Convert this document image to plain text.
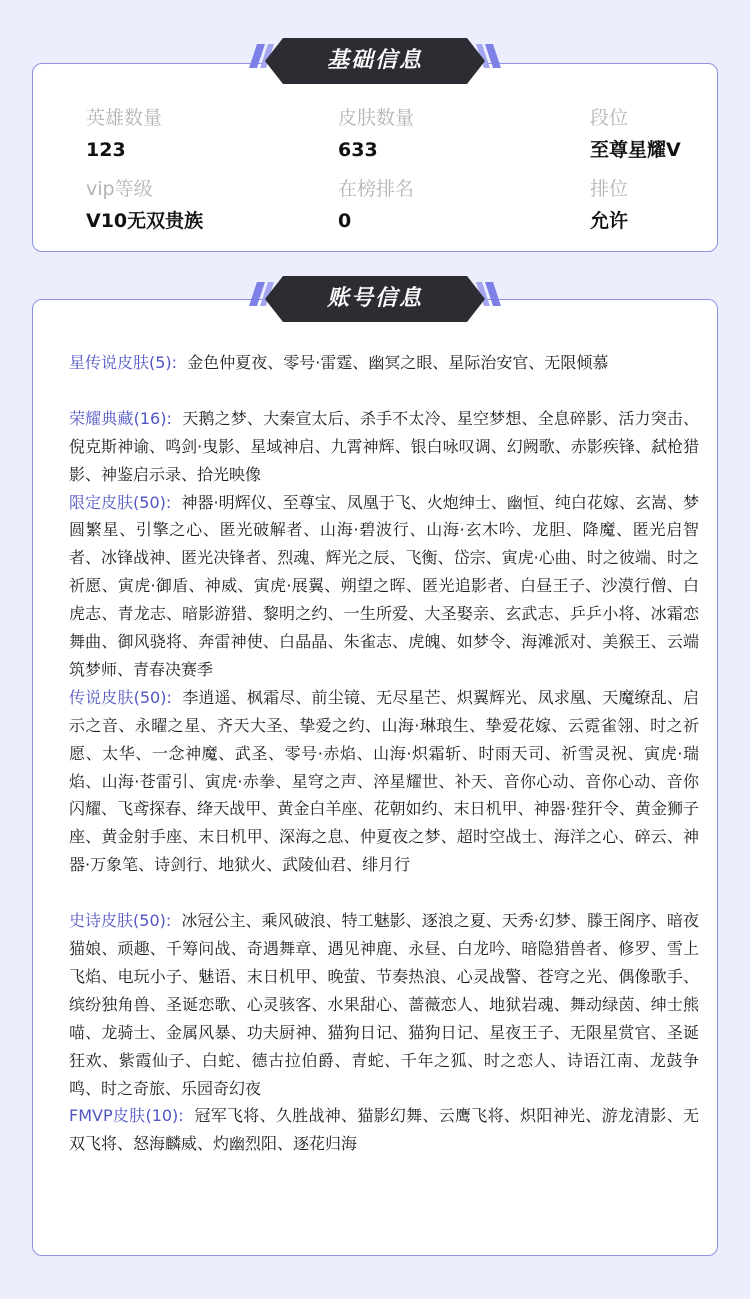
英雄数量
123
皮肤数量
633
段位
至尊星耀V
vip等级
V10无双贵族
在榜排名
0
排位
允许

星传说皮肤(5): 金色仲夏夜、零号·雷霆、幽冥之眼、星际治安官、无限倾慕

荣耀典藏(16): 天鹅之梦、大秦宣太后、杀手不太冷、星空梦想、全息碎影、活力突击、倪克斯神谕、鸣剑·曳影、星域神启、九霄神辉、银白咏叹调、幻阙歌、赤影疾锋、弑枪猎影、神鉴启示录、拾光映像

限定皮肤(50): 神器·明辉仪、至尊宝、凤凰于飞、火炮绅士、幽恒、纯白花嫁、玄嵩、梦圆繁星、引擎之心、匿光破解者、山海·碧波行、山海·玄木吟、龙胆、降魔、匿光启智者、冰锋战神、匿光决锋者、烈魂、辉光之辰、飞衡、岱宗、寅虎·心曲、时之彼端、时之祈愿、寅虎·御盾、神威、寅虎·展翼、朔望之晖、匿光追影者、白昼王子、沙漠行僧、白虎志、青龙志、暗影游猎、黎明之约、一生所爱、大圣娶亲、玄武志、乒乒小将、冰霜恋舞曲、御风骁将、奔雷神使、白晶晶、朱雀志、虎魄、如梦令、海滩派对、美猴王、云端筑梦师、青春决赛季

传说皮肤(50): 李逍遥、枫霜尽、前尘镜、无尽星芒、炽翼辉光、凤求凰、天魔缭乱、启示之音、永曜之星、齐天大圣、挚爱之约、山海·琳琅生、挚爱花嫁、云霓雀翎、时之祈愿、太华、一念神魔、武圣、零号·赤焰、山海·炽霜斩、时雨天司、祈雪灵祝、寅虎·瑞焰、山海·苍雷引、寅虎·赤拳、星穹之声、淬星耀世、补天、音你心动、音你心动、音你闪耀、飞鸢探春、绛天战甲、黄金白羊座、花朝如约、末日机甲、神器·狴犴令、黄金狮子座、黄金射手座、末日机甲、深海之息、仲夏夜之梦、超时空战士、海洋之心、碎云、神器·万象笔、诗剑行、地狱火、武陵仙君、绯月行

史诗皮肤(50): 冰冠公主、乘风破浪、特工魅影、逐浪之夏、天秀·幻梦、滕王阁序、暗夜猫娘、顽趣、千筹问战、奇遇舞章、遇见神鹿、永昼、白龙吟、暗隐猎兽者、修罗、雪上飞焰、电玩小子、魅语、末日机甲、晚萤、节奏热浪、心灵战警、苍穹之光、偶像歌手、缤纷独角兽、圣诞恋歌、心灵骇客、水果甜心、蔷薇恋人、地狱岩魂、舞动绿茵、绅士熊喵、龙骑士、金属风暴、功夫厨神、猫狗日记、猫狗日记、星夜王子、无限星赏官、圣诞狂欢、紫霞仙子、白蛇、德古拉伯爵、青蛇、千年之狐、时之恋人、诗语江南、龙鼓争鸣、时之奇旅、乐园奇幻夜

FMVP皮肤(10): 冠军飞将、久胜战神、猫影幻舞、云鹰飞将、炽阳神光、游龙清影、无双飞将、怒海麟威、灼幽烈阳、逐花归海

基础信息
账号信息
